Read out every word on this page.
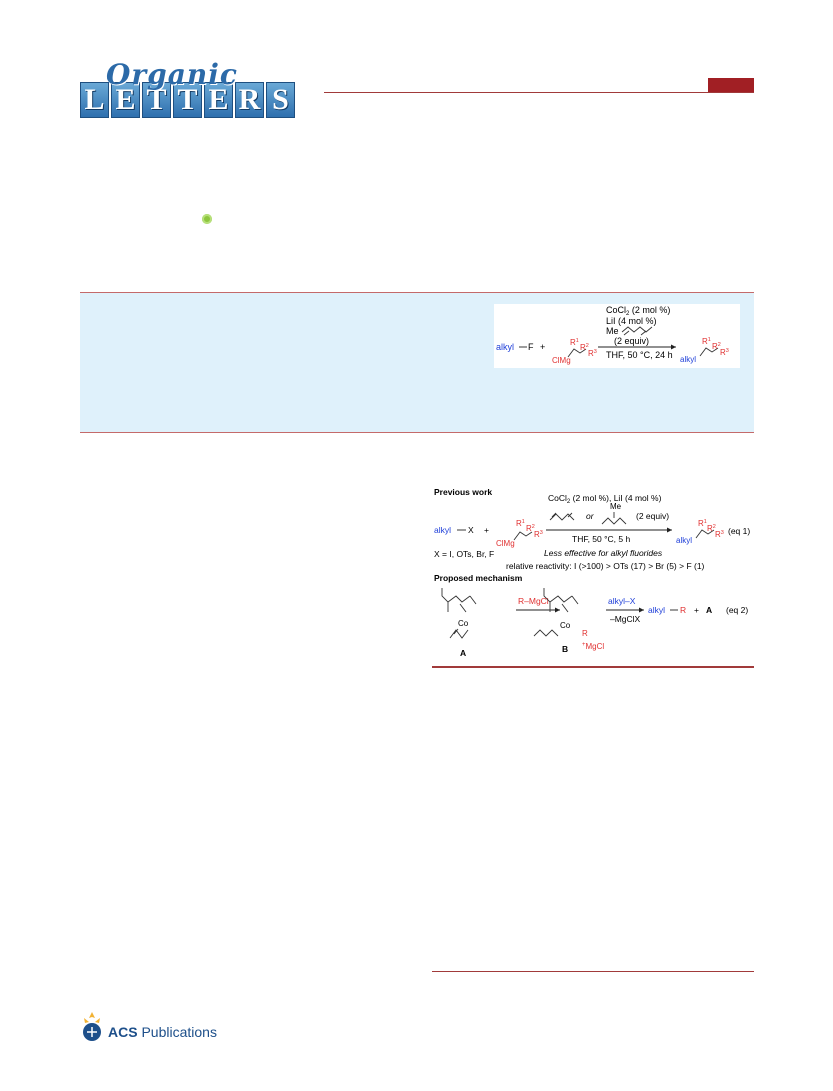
L E T T E R S
Organic
CoCl$_2$ (2 mol %)
LiI (4 mol %)
Me
(2 equiv)
THF, 50 °C, 24 h
alkyl F +
ClMg
$R^1$
$R^2$
$R^3$
alkyl
$R^1$
$R^2$
$R^3$
Previous work
CoCl$_2$ (2 mol %), LiI (4 mol %)
or
Me
(2 equiv)
THF, 50 °C, 5 h
alkyl X +
ClMg
$R^1$
$R^2$
$R^3$
alkyl
$R^1$
$R^2$
$R^3$ (eq 1)
X = I, OTs, Br, F	Less effective for alkyl fluorides
relative reactivity: I (>100) > OTs (17) > Br (5) > F (1)
Proposed mechanism
Co
A
R–MgCl
Co
R
+MgCl
B
alkyl–X
–MgClX
alkyl R + A (eq 2)
ACS Publications
